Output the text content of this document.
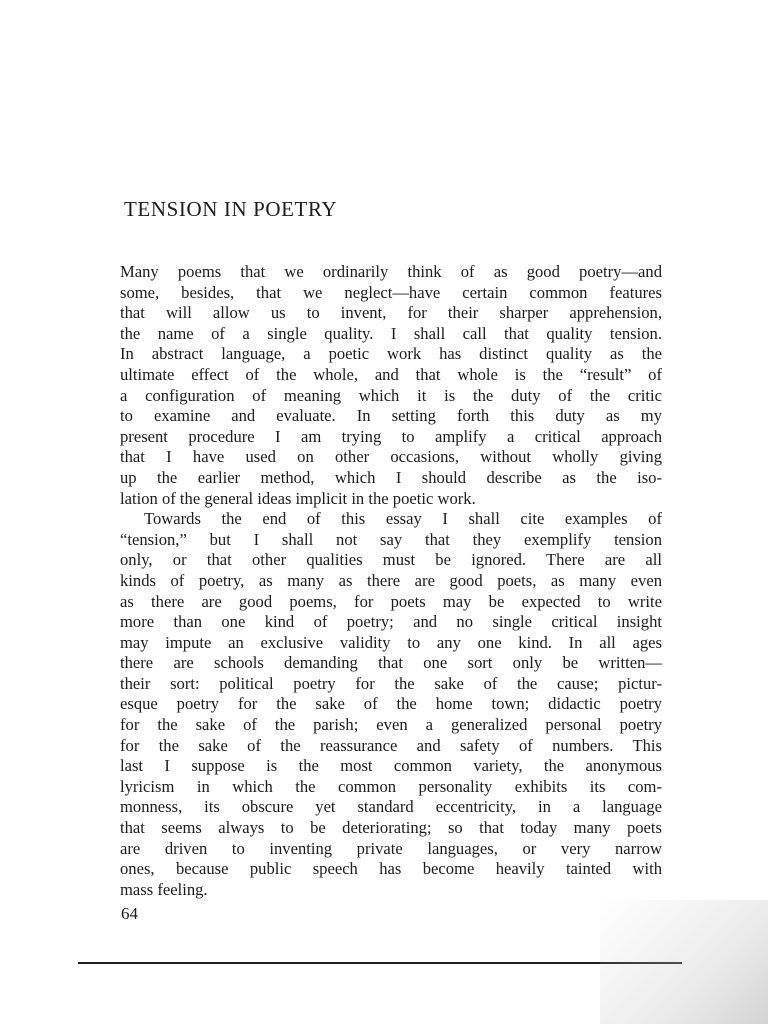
TENSION IN POETRY
Many poems that we ordinarily think of as good poetry—and
some, besides, that we neglect—have certain common features
that will allow us to invent, for their sharper apprehension,
the name of a single quality. I shall call that quality tension.
In abstract language, a poetic work has distinct quality as the
ultimate effect of the whole, and that whole is the “result” of
a configuration of meaning which it is the duty of the critic
to examine and evaluate. In setting forth this duty as my
present procedure I am trying to amplify a critical approach
that I have used on other occasions, without wholly giving
up the earlier method, which I should describe as the iso-
lation of the general ideas implicit in the poetic work.
Towards the end of this essay I shall cite examples of
“tension,” but I shall not say that they exemplify tension
only, or that other qualities must be ignored. There are all
kinds of poetry, as many as there are good poets, as many even
as there are good poems, for poets may be expected to write
more than one kind of poetry; and no single critical insight
may impute an exclusive validity to any one kind. In all ages
there are schools demanding that one sort only be written—
their sort: political poetry for the sake of the cause; pictur-
esque poetry for the sake of the home town; didactic poetry
for the sake of the parish; even a generalized personal poetry
for the sake of the reassurance and safety of numbers. This
last I suppose is the most common variety, the anonymous
lyricism in which the common personality exhibits its com-
monness, its obscure yet standard eccentricity, in a language
that seems always to be deteriorating; so that today many poets
are driven to inventing private languages, or very narrow
ones, because public speech has become heavily tainted with
mass feeling.
64
